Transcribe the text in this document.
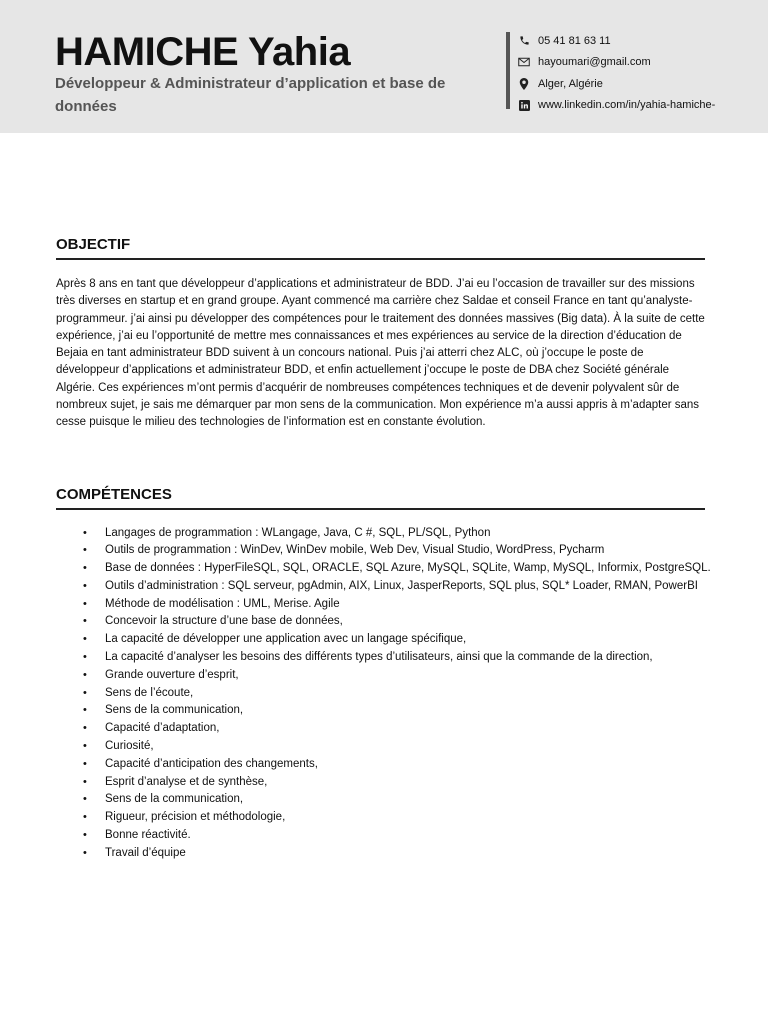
HAMICHE Yahia
Développeur & Administrateur d’application et base de données
05 41 81 63 11
hayoumari@gmail.com
Alger, Algérie
www.linkedin.com/in/yahia-hamiche-
OBJECTIF
Après 8 ans en tant que développeur d’applications et administrateur de BDD. J’ai eu l’occasion de travailler sur des missions très diverses en startup et en grand groupe. Ayant commencé ma carrière chez Saldae et conseil France en tant qu’analyste-programmeur. j’ai ainsi pu développer des compétences pour le traitement des données massives (Big data). À la suite de cette expérience, j’ai eu l’opportunité de mettre mes connaissances et mes expériences au service de la direction d’éducation de Bejaia en tant administrateur BDD suivent à un concours national. Puis j’ai atterri chez ALC, où j’occupe le poste de développeur d’applications et administrateur BDD, et enfin actuellement j’occupe le poste de DBA chez Société générale Algérie. Ces expériences m’ont permis d’acquérir de nombreuses compétences techniques et de devenir polyvalent sûr de nombreux sujet, je sais me démarquer par mon sens de la communication. Mon expérience m’a aussi appris à m’adapter sans cesse puisque le milieu des technologies de l’information est en constante évolution.
COMPÉTENCES
• Langages de programmation : WLangage, Java, C #, SQL, PL/SQL, Python
• Outils de programmation : WinDev, WinDev mobile, Web Dev, Visual Studio, WordPress, Pycharm
• Base de données : HyperFileSQL, SQL, ORACLE, SQL Azure, MySQL, SQLite, Wamp, MySQL, Informix, PostgreSQL.
• Outils d’administration : SQL serveur, pgAdmin, AIX, Linux, JasperReports, SQL plus, SQL* Loader, RMAN, PowerBI
• Méthode de modélisation : UML, Merise. Agile
• Concevoir la structure d’une base de données,
• La capacité de développer une application avec un langage spécifique,
• La capacité d’analyser les besoins des différents types d’utilisateurs, ainsi que la commande de la direction,
• Grande ouverture d’esprit,
• Sens de l’écoute,
• Sens de la communication,
• Capacité d’adaptation,
• Curiosité,
• Capacité d’anticipation des changements,
• Esprit d’analyse et de synthèse,
• Sens de la communication,
• Rigueur, précision et méthodologie,
• Bonne réactivité.
• Travail d’équipe
